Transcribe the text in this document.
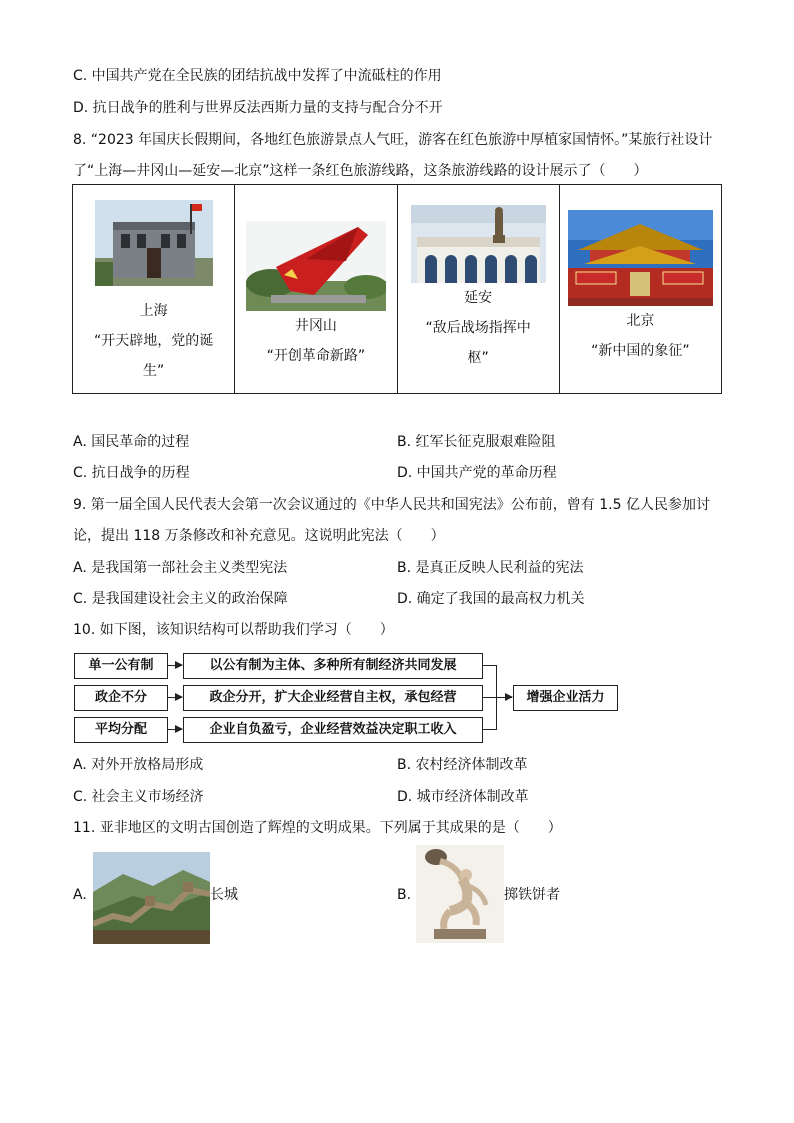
C. 中国共产党在全民族的团结抗战中发挥了中流砥柱的作用
D. 抗日战争的胜利与世界反法西斯力量的支持与配合分不开
8. “2023 年国庆长假期间，各地红色旅游景点人气旺，游客在红色旅游中厚植家国情怀。”某旅行社设计
了“上海—井冈山—延安—北京”这样一条红色旅游线路，这条旅游线路的设计展示了（　　）
上海
“开天辟地，党的诞
生”

井冈山
“开创革命新路”

延安
“敌后战场指挥中
枢”

北京
“新中国的象征”
A. 国民革命的过程	B. 红军长征克服艰难险阻
C. 抗日战争的历程	D. 中国共产党的革命历程
9. 第一届全国人民代表大会第一次会议通过的《中华人民共和国宪法》公布前，曾有 1.5 亿人民参加讨
论，提出 118 万条修改和补充意见。这说明此宪法（　　）
A. 是我国第一部社会主义类型宪法	B. 是真正反映人民利益的宪法
C. 是我国建设社会主义的政治保障	D. 确定了我国的最高权力机关
10. 如下图，该知识结构可以帮助我们学习（　　）
单一公有制
政企不分
平均分配
以公有制为主体、多种所有制经济共同发展
政企分开，扩大企业经营自主权，承包经营
企业自负盈亏，企业经营效益决定职工收入
增强企业活力
A. 对外开放格局形成	B. 农村经济体制改革
C. 社会主义市场经济	D. 城市经济体制改革
11. 亚非地区的文明古国创造了辉煌的文明成果。下列属于其成果的是（　　）
A.	长城	B.	掷铁饼者
